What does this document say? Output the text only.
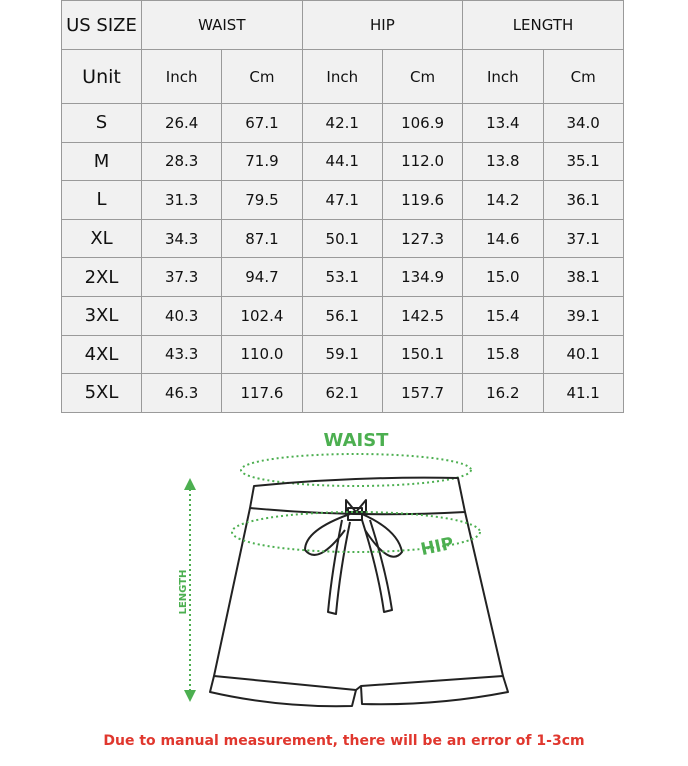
US SIZE	WAIST		HIP		LENGTH	
Unit	Inch	Cm	Inch	Cm	Inch	Cm
S	26.4	67.1	42.1	106.9	13.4	34.0
M	28.3	71.9	44.1	112.0	13.8	35.1
L	31.3	79.5	47.1	119.6	14.2	36.1
XL	34.3	87.1	50.1	127.3	14.6	37.1
2XL	37.3	94.7	53.1	134.9	15.0	38.1
3XL	40.3	102.4	56.1	142.5	15.4	39.1
4XL	43.3	110.0	59.1	150.1	15.8	40.1
5XL	46.3	117.6	62.1	157.7	16.2	41.1
WAIST
HIP
LENGTH
Due to manual measurement, there will be an error of 1-3cm
